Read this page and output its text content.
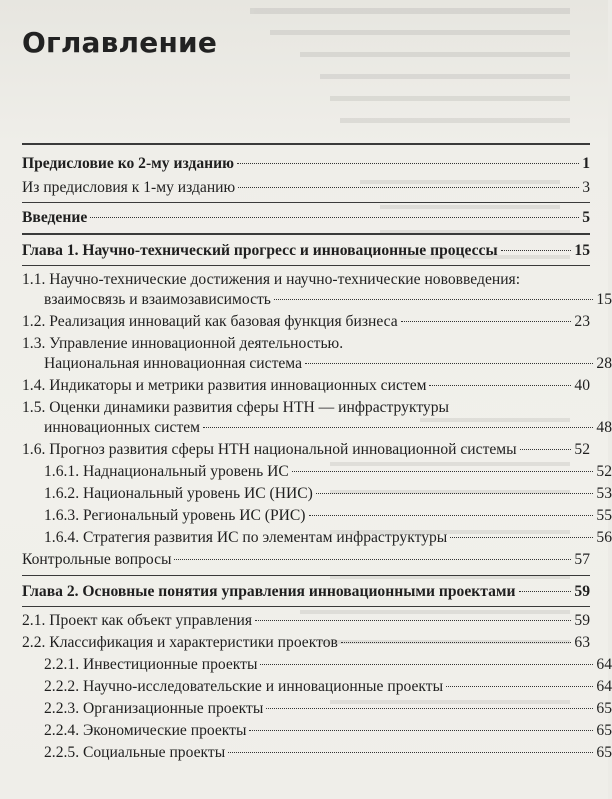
Оглавление
Предисловие ко 2-му изданию	1
Из предисловия к 1-му изданию	3
Введение	5
Глава 1. Научно-технический прогресс и инновационные процессы	15
1.1. Научно-технические достижения и научно-технические нововведения:
взаимосвязь и взаимозависимость	15
1.2. Реализация инноваций как базовая функция бизнеса	23
1.3. Управление инновационной деятельностью.
Национальная инновационная система	28
1.4. Индикаторы и метрики развития инновационных систем	40
1.5. Оценки динамики развития сферы НТН — инфраструктуры
инновационных систем	48
1.6. Прогноз развития сферы НТН национальной инновационной системы	52
1.6.1. Наднациональный уровень ИС	52
1.6.2. Национальный уровень ИС (НИС)	53
1.6.3. Региональный уровень ИС (РИС)	55
1.6.4. Стратегия развития ИС по элементам инфраструктуры	56
Контрольные вопросы	57
Глава 2. Основные понятия управления инновационными проектами	59
2.1. Проект как объект управления	59
2.2. Классификация и характеристики проектов	63
2.2.1. Инвестиционные проекты	64
2.2.2. Научно-исследовательские и инновационные проекты	64
2.2.3. Организационные проекты	65
2.2.4. Экономические проекты	65
2.2.5. Социальные проекты	65
